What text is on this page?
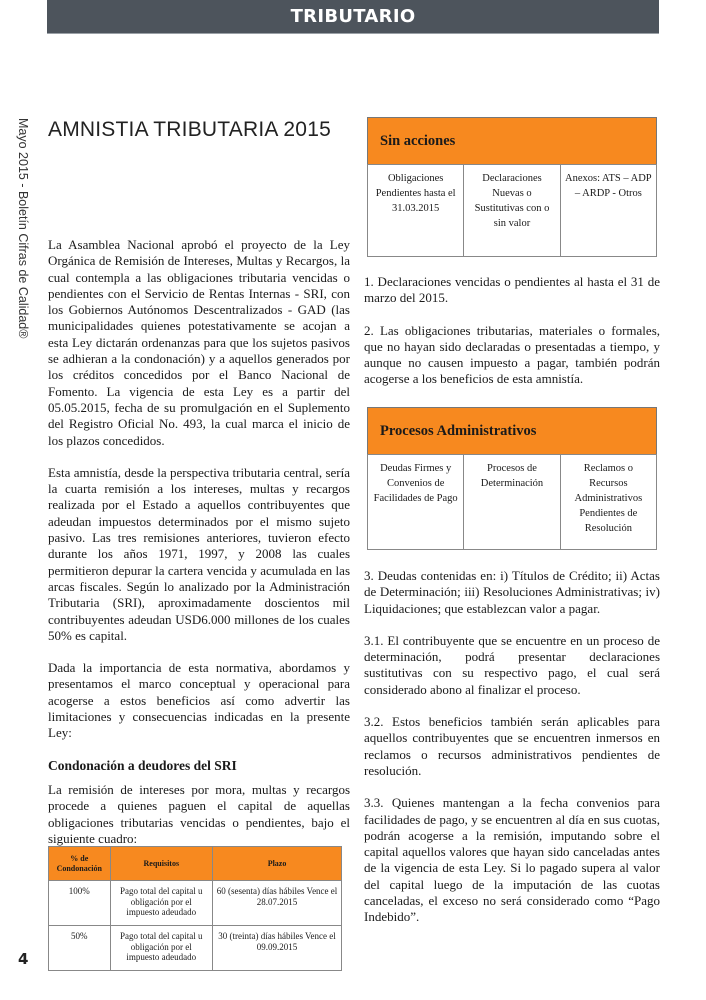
TRIBUTARIO
Mayo 2015 - Boletín Cifras de Calidad®
4
AMNISTIA TRIBUTARIA 2015

La Asamblea Nacional aprobó el proyecto de la Ley Orgánica de Remisión de Intereses, Multas y Recargos, la cual contempla a las obligaciones tributaria vencidas o pendientes con el Servicio de Rentas Internas - SRI, con los Gobiernos Autónomos Descentralizados - GAD (las municipalidades quienes potestativamente se acojan a esta Ley dictarán ordenanzas para que los sujetos pasivos se adhieran a la condonación) y a aquellos generados por los créditos concedidos por el Banco Nacional de Fomento. La vigencia de esta Ley es a partir del 05.05.2015, fecha de su promulgación en el Suplemento del Registro Oficial No. 493, la cual marca el inicio de los plazos concedidos.

Esta amnistía, desde la perspectiva tributaria central, sería la cuarta remisión a los intereses, multas y recargos realizada por el Estado a aquellos contribuyentes que adeudan impuestos determinados por el mismo sujeto pasivo. Las tres remisiones anteriores, tuvieron efecto durante los años 1971, 1997, y 2008 las cuales permitieron depurar la cartera vencida y acumulada en las arcas fiscales. Según lo analizado por la Administración Tributaria (SRI), aproximadamente doscientos mil contribuyentes adeudan USD6.000 millones de los cuales 50% es capital.

Dada la importancia de esta normativa, abordamos y presentamos el marco conceptual y operacional para acogerse a estos beneficios así como advertir las limitaciones y consecuencias indicadas en la presente Ley:

Condonación a deudores del SRI

La remisión de intereses por mora, multas y recargos procede a quienes paguen el capital de aquellas obligaciones tributarias vencidas o pendientes, bajo el siguiente cuadro:

Sin acciones
Obligaciones Pendientes hasta el 31.03.2015	Declaraciones Nuevas o Sustitutivas con o sin valor	Anexos: ATS – ADP – ARDP - Otros

1. Declaraciones vencidas o pendientes al hasta el 31 de marzo del 2015.

2. Las obligaciones tributarias, materiales o formales, que no hayan sido declaradas o presentadas a tiempo, y aunque no causen impuesto a pagar, también podrán acogerse a los beneficios de esta amnistía.

Procesos Administrativos
Deudas Firmes y Convenios de Facilidades de Pago	Procesos de Determinación	Reclamos o Recursos Administrativos Pendientes de Resolución

3. Deudas contenidas en: i) Títulos de Crédito; ii) Actas de Determinación; iii) Resoluciones Administrativas; iv) Liquidaciones; que establezcan valor a pagar.

3.1. El contribuyente que se encuentre en un proceso de determinación, podrá presentar declaraciones sustitutivas con su respectivo pago, el cual será considerado abono al finalizar el proceso.

3.2. Estos beneficios también serán aplicables para aquellos contribuyentes que se encuentren inmersos en reclamos o recursos administrativos pendientes de resolución.

3.3. Quienes mantengan a la fecha convenios para facilidades de pago, y se encuentren al día en sus cuotas, podrán acogerse a la remisión, imputando sobre el capital aquellos valores que hayan sido canceladas antes de la vigencia de esta Ley. Si lo pagado supera al valor del capital luego de la imputación de las cuotas canceladas, el exceso no será considerado como “Pago Indebido”.

% de Condonación	Requisitos	Plazo
100%	Pago total del capital u obligación por el impuesto adeudado	60 (sesenta) días hábiles Vence el 28.07.2015
50%	Pago total del capital u obligación por el impuesto adeudado	30 (treinta) días hábiles Vence el 09.09.2015
